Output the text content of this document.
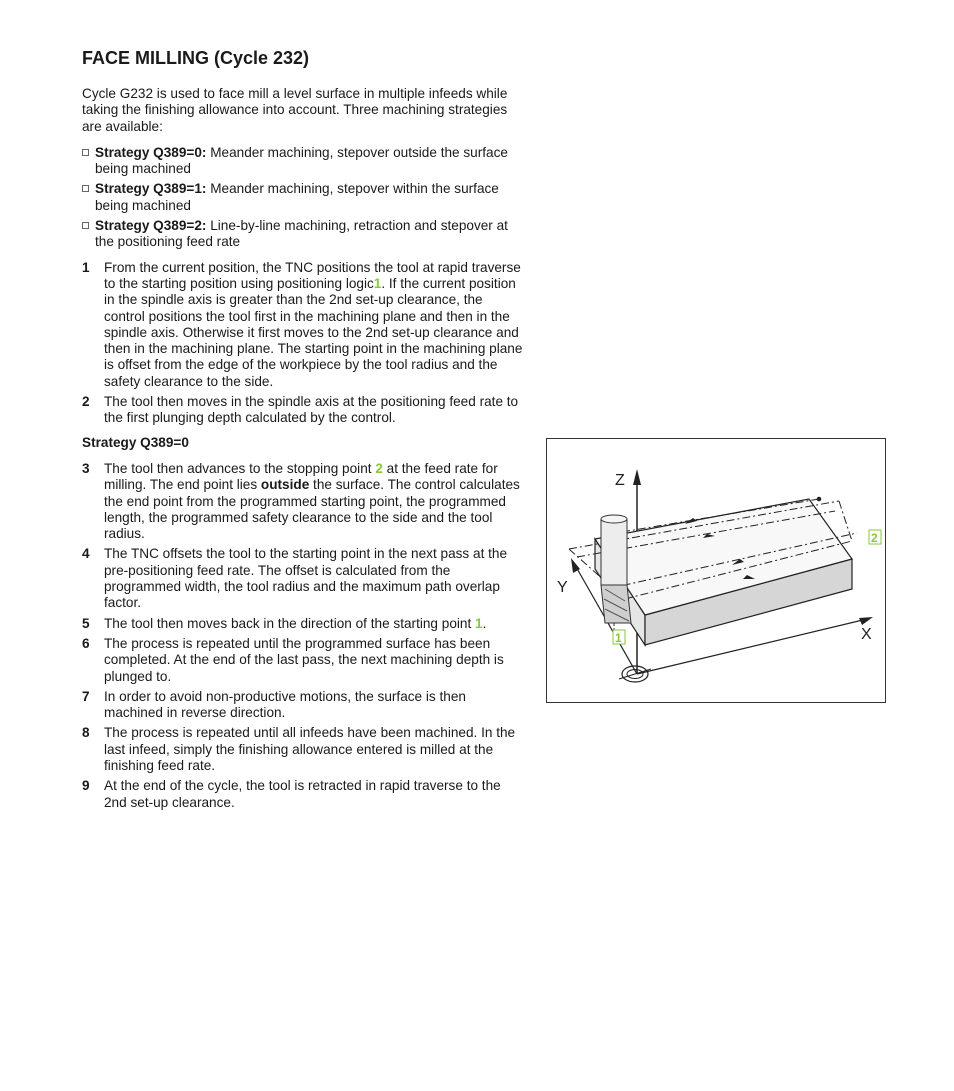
FACE MILLING (Cycle 232)

Cycle G232 is used to face mill a level surface in multiple infeeds while taking the finishing allowance into account. Three machining strategies are available:

Strategy Q389=0: Meander machining, stepover outside the surface being machined
Strategy Q389=1: Meander machining, stepover within the surface being machined
Strategy Q389=2: Line-by-line machining, retraction and stepover at the positioning feed rate
1 From the current position, the TNC positions the tool at rapid traverse to the starting position using positioning logic1. If the current position in the spindle axis is greater than the 2nd set-up clearance, the control positions the tool first in the machining plane and then in the spindle axis. Otherwise it first moves to the 2nd set-up clearance and then in the machining plane. The starting point in the machining plane is offset from the edge of the workpiece by the tool radius and the safety clearance to the side.
2 The tool then moves in the spindle axis at the positioning feed rate to the first plunging depth calculated by the control.
Strategy Q389=0
3 The tool then advances to the stopping point 2 at the feed rate for milling. The end point lies outside the surface. The control calculates the end point from the programmed starting point, the programmed length, the programmed safety clearance to the side and the tool radius.
4 The TNC offsets the tool to the starting point in the next pass at the pre-positioning feed rate. The offset is calculated from the programmed width, the tool radius and the maximum path overlap factor.
5 The tool then moves back in the direction of the starting point 1.
6 The process is repeated until the programmed surface has been completed. At the end of the last pass, the next machining depth is plunged to.
7 In order to avoid non-productive motions, the surface is then machined in reverse direction.
8 The process is repeated until all infeeds have been machined. In the last infeed, simply the finishing allowance entered is milled at the finishing feed rate.
9 At the end of the cycle, the tool is retracted in rapid traverse to the 2nd set-up clearance.
Z
X
Y
1
2
